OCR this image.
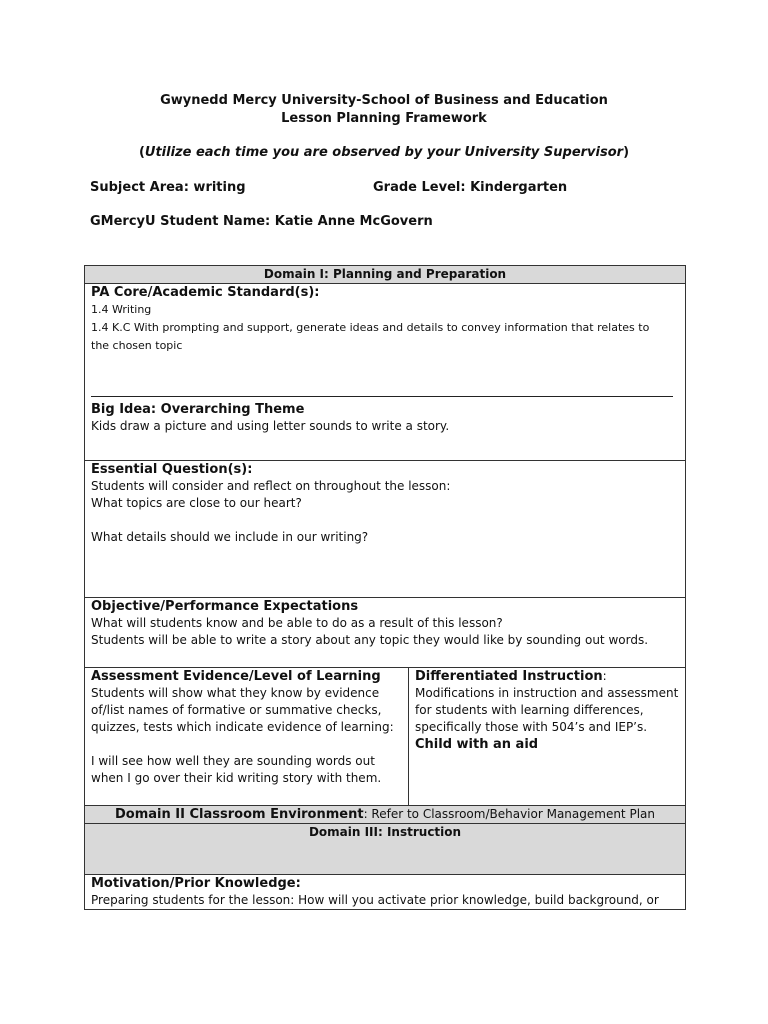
Gwynedd Mercy University-School of Business and Education
Lesson Planning Framework
(Utilize each time you are observed by your University Supervisor)
Subject Area: writing	Grade Level: Kindergarten
GMercyU Student Name: Katie Anne McGovern
Domain I: Planning and Preparation

PA Core/Academic Standard(s):
1.4 Writing
1.4 K.C With prompting and support, generate ideas and details to convey information that relates to
the chosen topic
Big Idea: Overarching Theme
Kids draw a picture and using letter sounds to write a story.

Essential Question(s):
Students will consider and reflect on throughout the lesson:
What topics are close to our heart?
What details should we include in our writing?

Objective/Performance Expectations
What will students know and be able to do as a result of this lesson?
Students will be able to write a story about any topic they would like by sounding out words.

Assessment Evidence/Level of Learning
Students will show what they know by evidence of/list names of formative or summative checks, quizzes, tests which indicate evidence of learning:
I will see how well they are sounding words out when I go over their kid writing story with them.

Differentiated Instruction:
Modifications in instruction and assessment for students with learning differences, specifically those with 504’s and IEP’s.
Child with an aid

Domain II Classroom Environment: Refer to Classroom/Behavior Management Plan
Domain III: Instruction

Motivation/Prior Knowledge:
Preparing students for the lesson: How will you activate prior knowledge, build background, or
